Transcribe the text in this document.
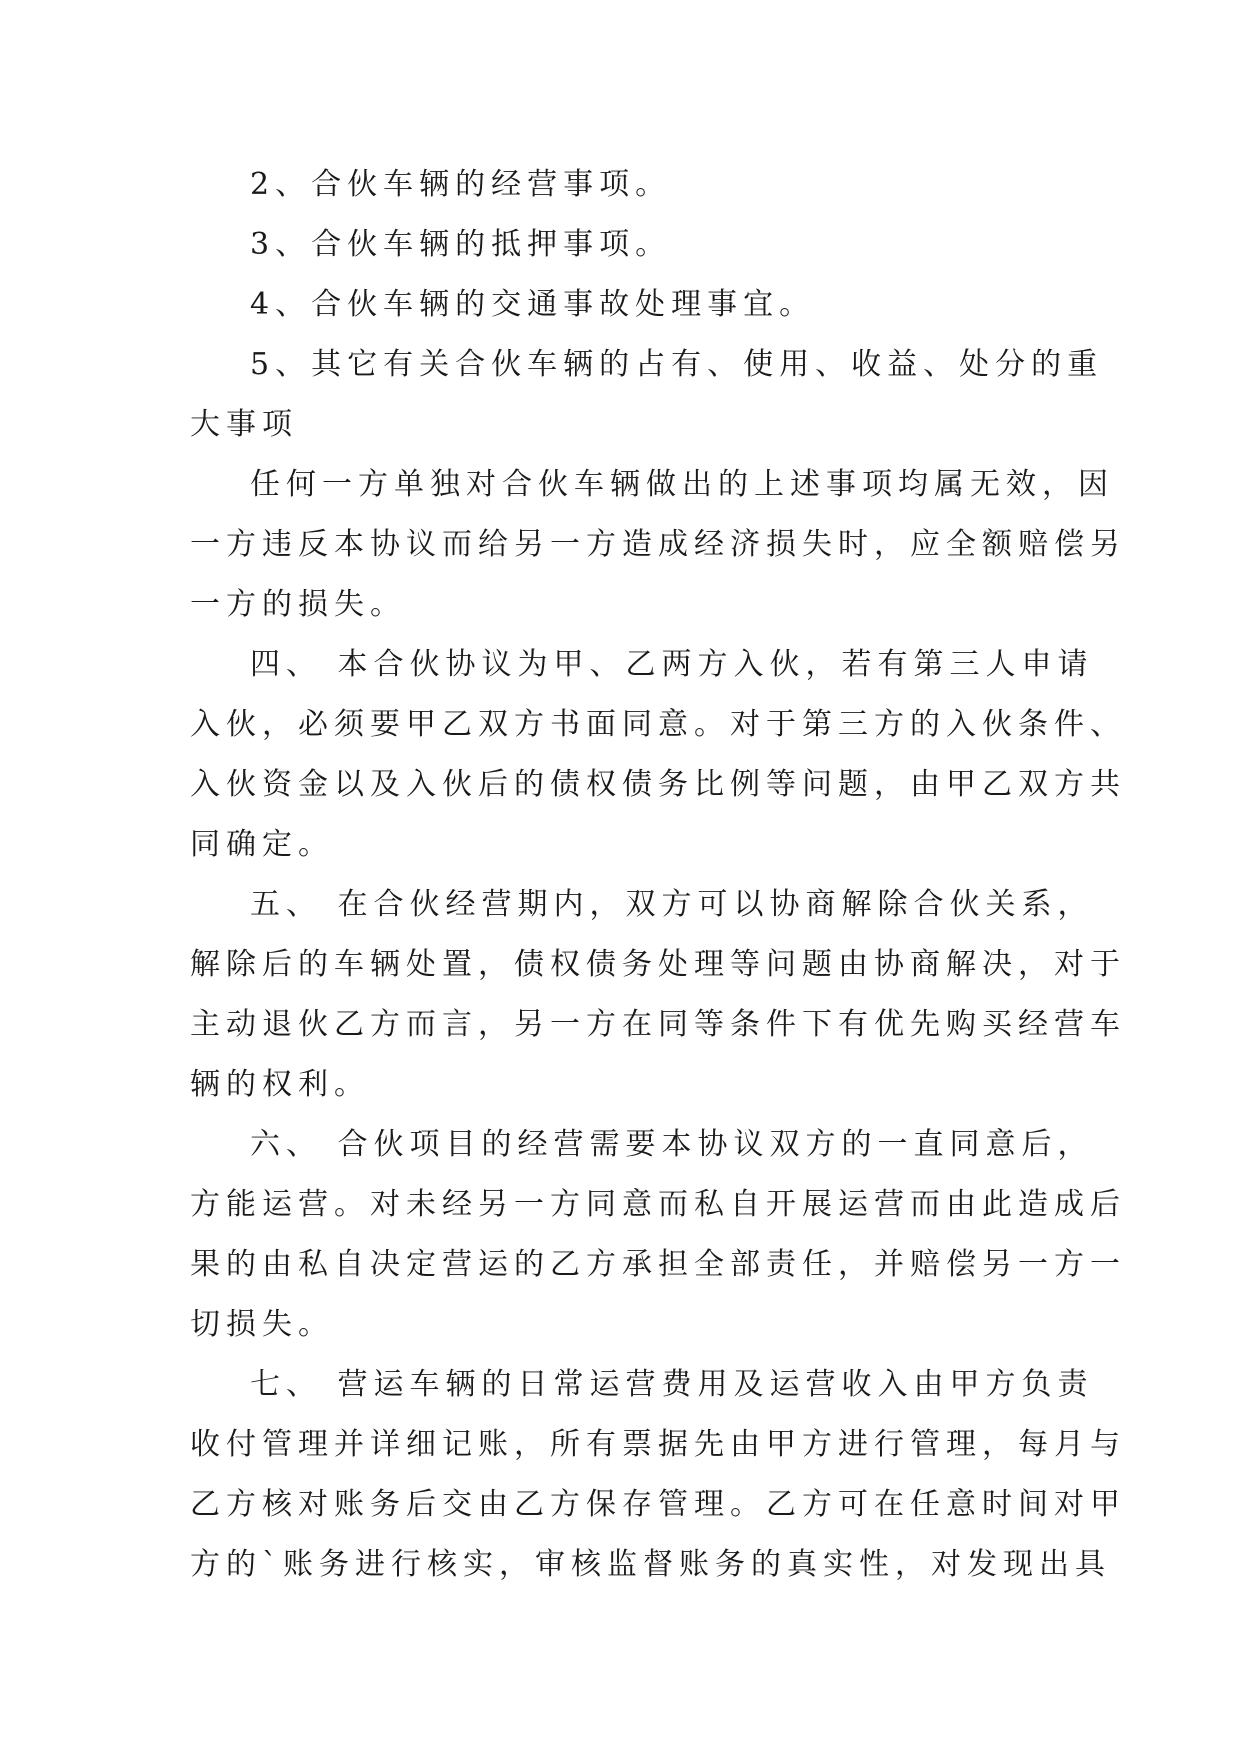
2、合伙车辆的经营事项。

3、合伙车辆的抵押事项。

4、合伙车辆的交通事故处理事宜。

5、其它有关合伙车辆的占有、使用、收益、处分的重

大事项

任何一方单独对合伙车辆做出的上述事项均属无效，因

一方违反本协议而给另一方造成经济损失时，应全额赔偿另

一方的损失。

四、 本合伙协议为甲、乙两方入伙，若有第三人申请

入伙，必须要甲乙双方书面同意。对于第三方的入伙条件、

入伙资金以及入伙后的债权债务比例等问题，由甲乙双方共

同确定。

五、 在合伙经营期内，双方可以协商解除合伙关系，

解除后的车辆处置，债权债务处理等问题由协商解决，对于

主动退伙乙方而言，另一方在同等条件下有优先购买经营车

辆的权利。

六、 合伙项目的经营需要本协议双方的一直同意后，

方能运营。对未经另一方同意而私自开展运营而由此造成后

果的由私自决定营运的乙方承担全部责任，并赔偿另一方一

切损失。

七、 营运车辆的日常运营费用及运营收入由甲方负责

收付管理并详细记账，所有票据先由甲方进行管理，每月与

乙方核对账务后交由乙方保存管理。乙方可在任意时间对甲

方的`账务进行核实，审核监督账务的真实性，对发现出具
